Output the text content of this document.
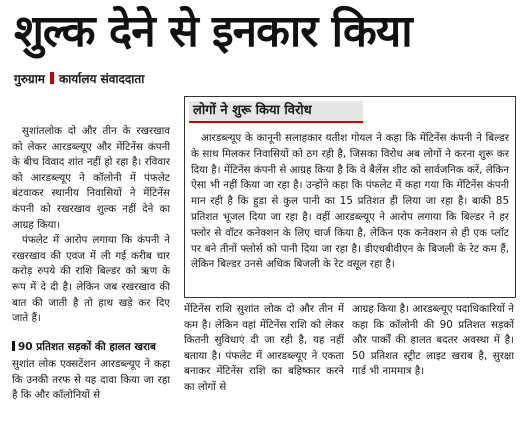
शुल्क देने से इनकार किया
गुरुग्राम कार्यालय संवाददाता

सुशांतलोक दो और तीन के रखरखाव को लेकर आरडब्ल्यूए और मेंटिनेंस कंपनी के बीच विवाद शांत नहीं हो रहा है। रविवार को आरडब्ल्यूए ने कॉलोनी में पंफलेट बंटवाकर स्थानीय निवासियों ने मेंटिनेंस कंपनी को रखरखाव शुल्क नहीं देने का आग्रह किया।

पंफलेट में आरोप लगाया कि कंपनी ने रखरखाव की एवज में ली गई करीब चार करोड़ रुपये की राशि बिल्डर को ऋण के रूप में दे दी है। लेकिन जब रखरखाव की बात की जाती है तो हाथ खड़े कर दिए जाते हैं।

90 प्रतिशत सड़कों की हालत खराब

सुशांत लोक एक्सटेंशन आरडब्ल्यूए ने कहा कि उनकी तरफ से यह दावा किया जा रहा है कि और कॉलोनियों से

लोगों ने शुरू किया विरोध

आरडब्ल्यूए के कानूनी सलाहकार यतीश गोयल ने कहा कि मेंटिनेंस कंपनी ने बिल्डर के साथ मिलकर निवासियों को ठग रही है, जिसका विरोध अब लोगों ने करना शुरू कर दिया है। मेंटिनेंस कंपनी से आग्रह किया है कि वे बैलेंस शीट को सार्वजनिक करें, लेकिन ऐसा भी नहीं किया जा रहा है। उन्होंने कहा कि पंफलेट में कहा गया कि मेंटिनेंस कंपनी मान रही है कि हुडा से कुल पानी का 15 प्रतिशत ही लिया जा रहा है। बाकी 85 प्रतिशत भूजल दिया जा रहा है। वहीं आरडब्ल्यूए ने आरोप लगाया कि बिल्डर ने हर फ्लोर से वॉटर कनेक्शन के लिए चार्ज किया है, लेकिन एक कनेक्शन से ही एक प्लॉट पर बने तीनों फ्लोर्स को पानी दिया जा रहा है। डीएचबीवीएन के बिजली के रेट कम हैं, लेकिन बिल्डर उनसे अधिक बिजली के रेट वसूल रहा है।

मेंटिनेंस राशि सुशांत लोक दो और तीन में कम है। लेकिन वहां मेंटिनेंस राशि को लेकर कितनी सुविधाएं दी जा रही है, यह नहीं बताया है। पंफलेट में आरडब्ल्यूए ने एकता बनाकर मेंटिनेंस राशि का बहिष्कार करने का लोगों से

आग्रह किया है। आरडब्ल्यूए पदाधिकारियों ने कहा कि कॉलोनी की 90 प्रतिशत सड़कों और पार्कों की हालत बदतर अवस्था में है। 50 प्रतिशत स्ट्रीट लाइट खराब है, सुरक्षा गार्ड भी नाममात्र है।
